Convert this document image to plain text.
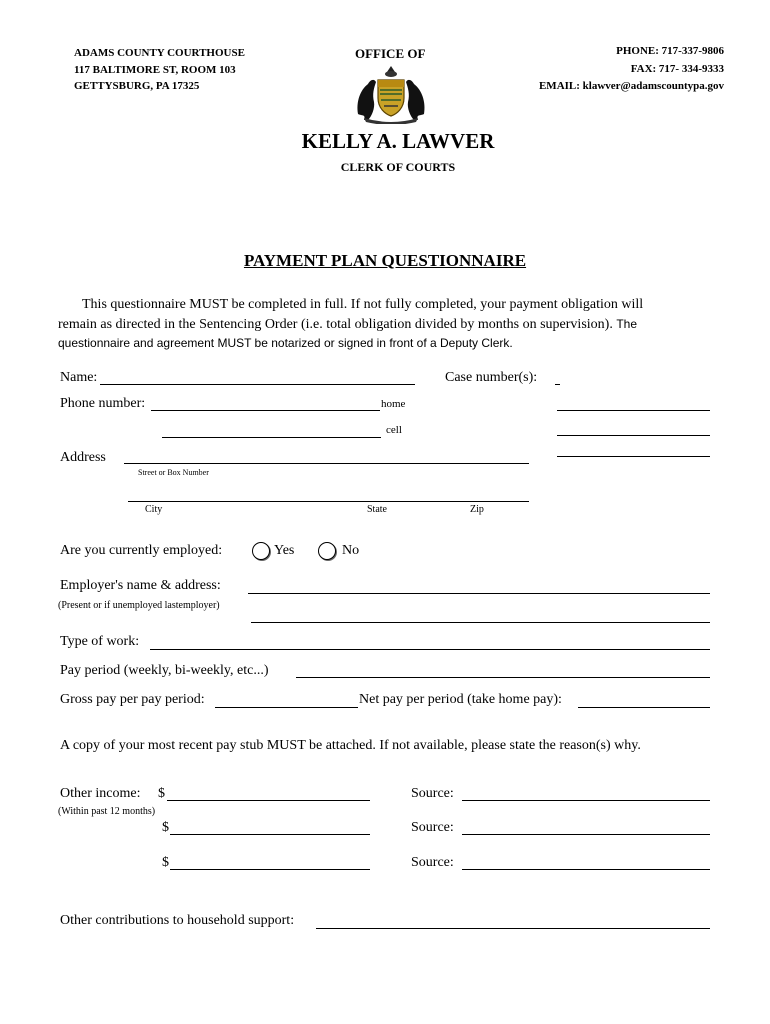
ADAMS COUNTY COURTHOUSE
117 BALTIMORE ST, ROOM 103
GETTYSBURG, PA 17325
OFFICE OF	PHONE: 717-337-9806
FAX: 717- 334-9333
EMAIL: klawver@adamscountypa.gov
KELLY A. LAWVER
CLERK OF COURTS
PAYMENT PLAN QUESTIONNAIRE
This questionnaire MUST be completed in full. If not fully completed, your payment obligation will
remain as directed in the Sentencing Order (i.e. total obligation divided by months on supervision). The
questionnaire and agreement MUST be notarized or signed in front of a Deputy Clerk.
Name:	Case number(s):
Phone number:	home
cell
Address
Street or Box Number
City	State	Zip
Are you currently employed:	Yes	No
Employer's name & address:
(Present or if unemployed lastemployer)
Type of work:
Pay period (weekly, bi-weekly, etc...)
Gross pay per pay period:	Net pay per period (take home pay):
A copy of your most recent pay stub MUST be attached. If not available, please state the reason(s) why.
Other income: $
(Within past 12 months)
Source:
$	Source:
$	Source:
Other contributions to household support:
